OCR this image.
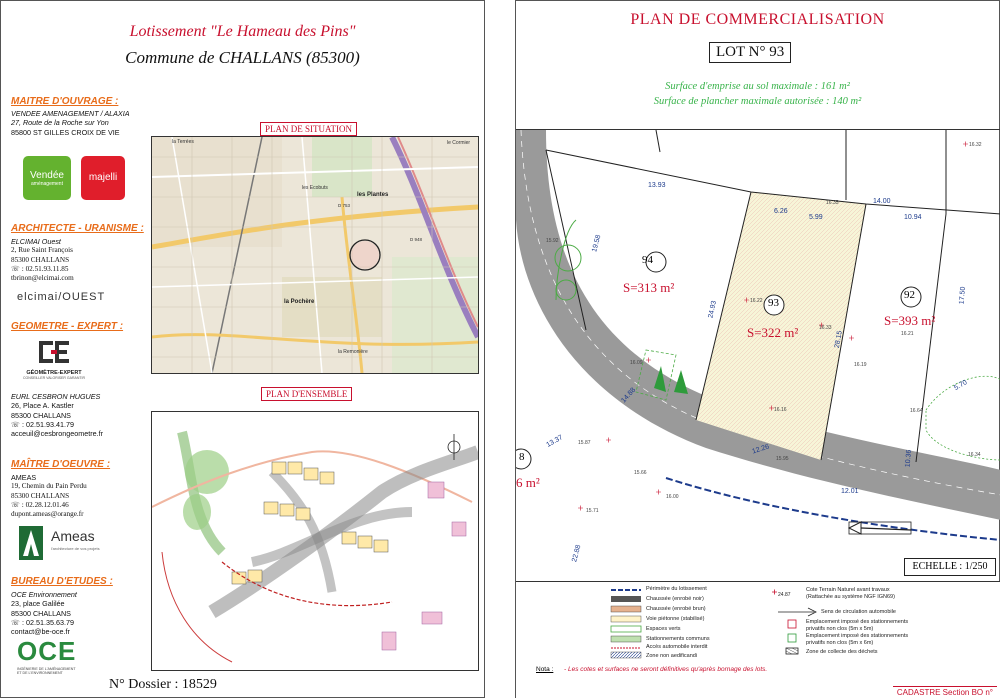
Lotissement "Le Hameau des Pins"
Commune de CHALLANS (85300)
MAITRE D'OUVRAGE :
VENDEE AMENAGEMENT / ALAXIA
27, Route de la Roche sur Yon
85800 ST GILLES CROIX DE VIE
Vendée
aménagement
majelli
ARCHITECTE - URANISME :
ELCIMAI Ouest
2, Rue Saint François
85300 CHALLANS
☏ : 02.51.93.11.85
tbrinon@elcimai.com
elcimai/OUEST
GEOMETRE - EXPERT :
GÉOMÈTRE-EXPERT
CONSEILLER VALORISER GARANTIR
EURL CESBRON HUGUES
26, Place A. Kastler
85300 CHALLANS
☏ : 02.51.93.41.79
acceuil@cesbrongeometre.fr
MAÎTRE D'OEUVRE :
AMEAS
19, Chemin du Pain Perdu
85300 CHALLANS
☏ : 02.28.12.01.46
dupont.ameas@orange.fr
Ameas
l'architecture de vos projets
BUREAU D'ETUDES :
OCE Environnement
23, place Galilée
85300 CHALLANS
☏ : 02.51.35.63.79
contact@be-oce.fr
OCE
INGÉNIERIE DE L'AMÉNAGEMENT
ET DE L'ENVIRONNEMENT
N° Dossier : 18529
les Plantes
la Pochère
les Ecobuts
le Cormier
la Remonière
la Terrées
D 753
D 948
PLAN DE SITUATION
PLAN D'ENSEMBLE
PLAN DE COMMERCIALISATION
LOT N° 93
Surface d'emprise au sol maximale : 161 m²
Surface de plancher maximale autorisée : 140 m²
94
S=313 m²
93
S=322 m²
92
S=393 m²
8
6 m²
13.93
19.58
6.26
5.99
14.00
10.94
24.93
28.15
17.50
14.88
12.26
12.01
13.37
10.36
5.70
22.88
16.32
16.35
15.92
16.22
16.33
16.21
16.09	16.19
16.16	16.64
16.34
15.95
15.87
15.66
16.00
15.71
ECHELLE : 1/250
Périmètre du lotissement
Chaussée (enrobé noir)
Chaussée (enrobé brun)
Voie piétonne (stabilisé)
Espaces verts
Stationnements communs
Accès automobile interdit
Zone non aedificandi
24.87
Cote Terrain Naturel avant travaux
(Rattachée au système NGF IGN69)
Sens de circulation automobile
Emplacement imposé des stationnements
privatifs non clos (5m x 5m)
Emplacement imposé des stationnements
privatifs non clos (5m x 6m)
Zone de collecte des déchets
Nota : - Les cotes et surfaces ne seront définitives qu'après bornage des lots.
CADASTRE Section BO n°
